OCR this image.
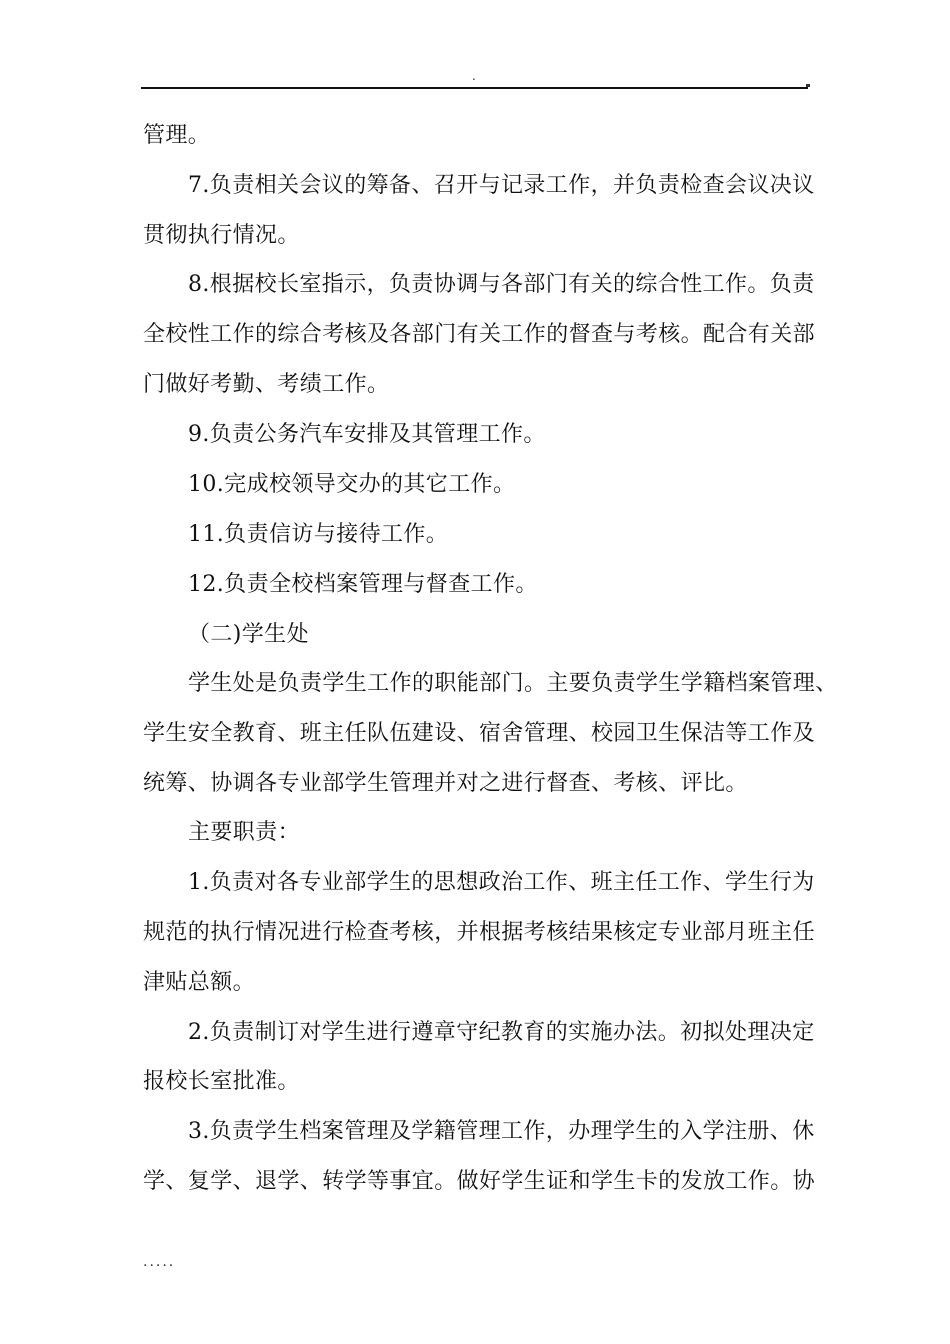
.
管理。
7.负责相关会议的筹备、召开与记录工作，并负责检查会议决议
贯彻执行情况。
8.根据校长室指示，负责协调与各部门有关的综合性工作。负责
全校性工作的综合考核及各部门有关工作的督查与考核。配合有关部
门做好考勤、考绩工作。
9.负责公务汽车安排及其管理工作。
10.完成校领导交办的其它工作。
11.负责信访与接待工作。
12.负责全校档案管理与督查工作。
（二)学生处
学生处是负责学生工作的职能部门。主要负责学生学籍档案管理、
学生安全教育、班主任队伍建设、宿舍管理、校园卫生保洁等工作及
统筹、协调各专业部学生管理并对之进行督查、考核、评比。
主要职责：
1.负责对各专业部学生的思想政治工作、班主任工作、学生行为
规范的执行情况进行检查考核，并根据考核结果核定专业部月班主任
津贴总额。
2.负责制订对学生进行遵章守纪教育的实施办法。初拟处理决定
报校长室批准。
3.负责学生档案管理及学籍管理工作，办理学生的入学注册、休
学、复学、退学、转学等事宜。做好学生证和学生卡的发放工作。协
.....
